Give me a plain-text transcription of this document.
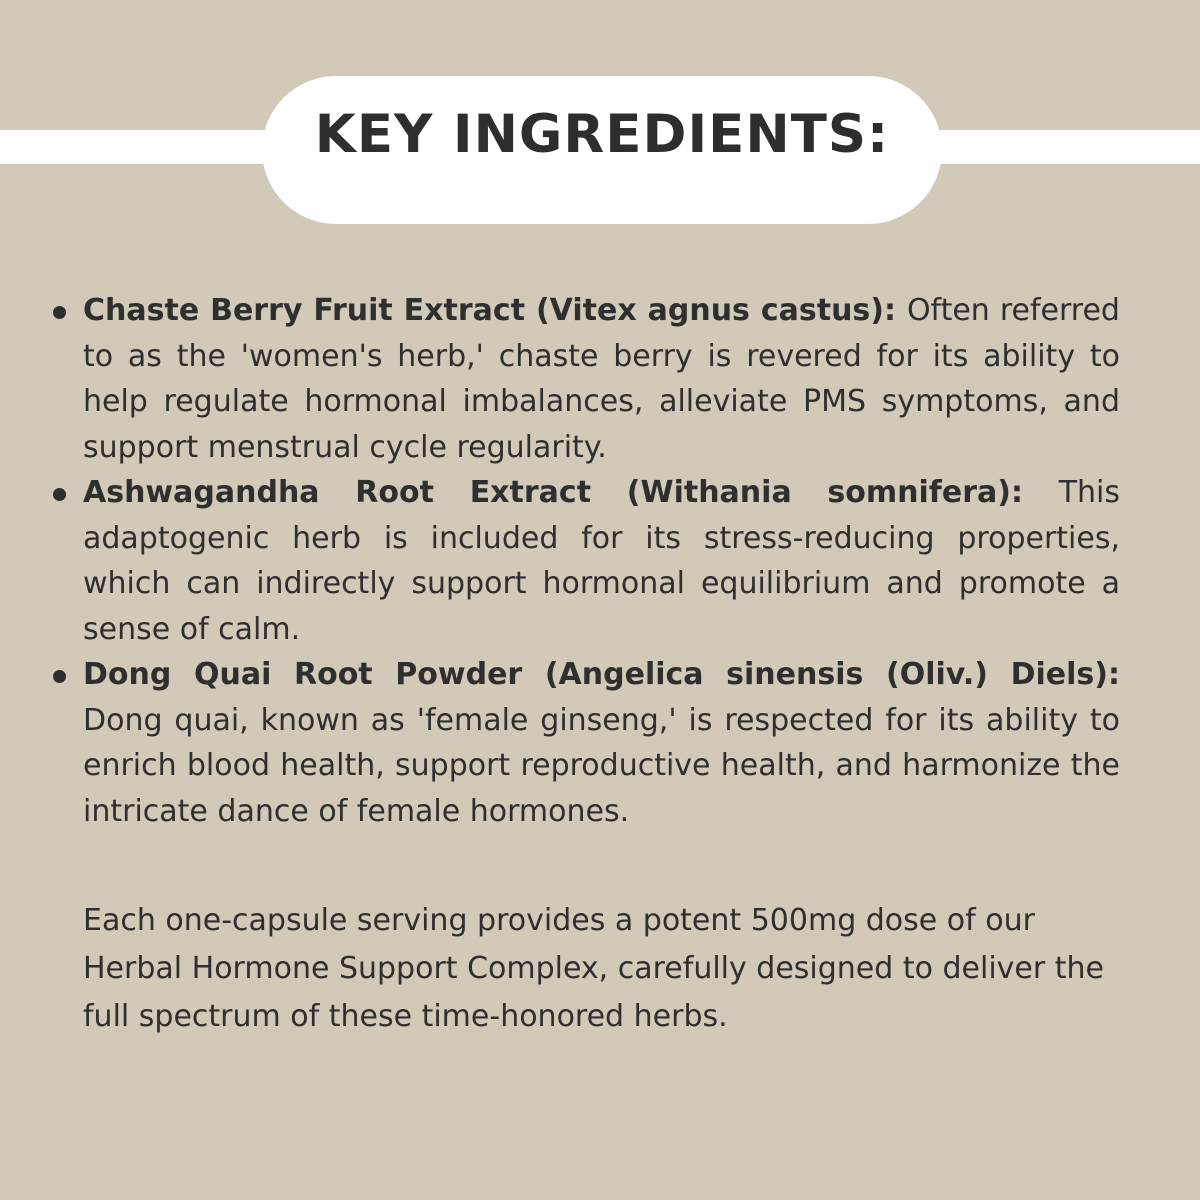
KEY INGREDIENTS:
Chaste Berry Fruit Extract (Vitex agnus castus): Often referred to as the 'women's herb,' chaste berry is revered for its ability to help regulate hormonal imbalances, alleviate PMS symptoms, and support menstrual cycle regularity.
Ashwagandha Root Extract (Withania somnifera): This adaptogenic herb is included for its stress-reducing properties, which can indirectly support hormonal equilibrium and promote a sense of calm.
Dong Quai Root Powder (Angelica sinensis (Oliv.) Diels): Dong quai, known as 'female ginseng,' is respected for its ability to enrich blood health, support reproductive health, and harmonize the intricate dance of female hormones.

Each one-capsule serving provides a potent 500mg dose of our Herbal Hormone Support Complex, carefully designed to deliver the full spectrum of these time-honored herbs.
